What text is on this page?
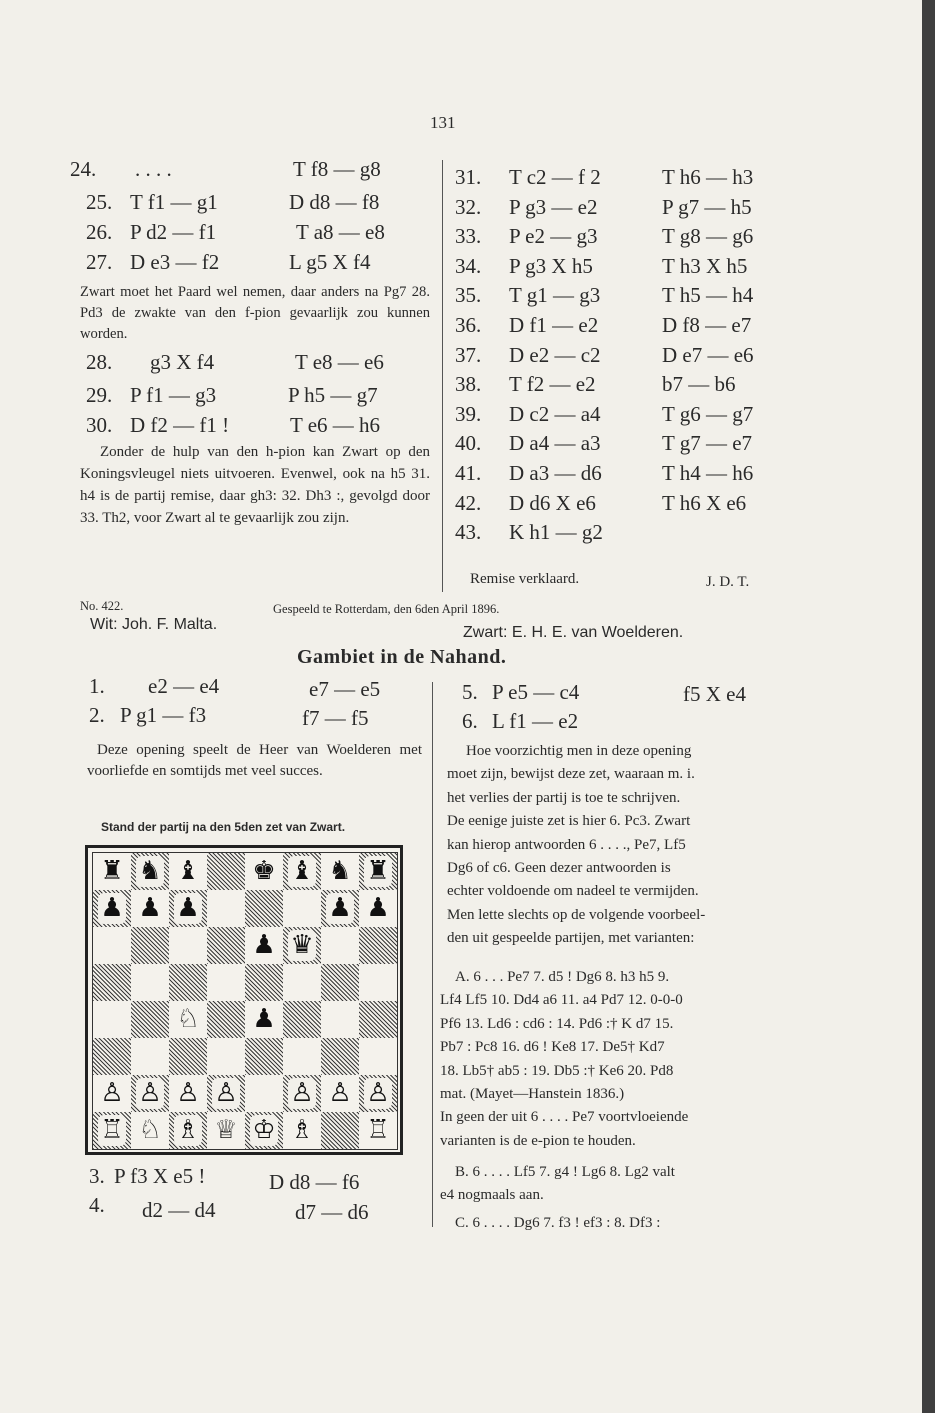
131
24.	. . . .	T f8 — g8
25. T f1 — g1	D d8 — f8
26. P d2 — f1	T a8 — e8
27. D e3 — f2	L g5 X f4
Zwart moet het Paard wel nemen, daar anders na Pg7 28. Pd3 de zwakte van den f-pion gevaarlijk zou kunnen worden.
28.	g3 X f4	T e8 — e6
29. P f1 — g3	P h5 — g7
30. D f2 — f1 !	T e6 — h6
Zonder de hulp van den h-pion kan Zwart op den Koningsvleugel niets uitvoeren. Evenwel, ook na h5 31. h4 is de partij remise, daar gh3: 32. Dh3 :, gevolgd door 33. Th2, voor Zwart al te gevaarlijk zou zijn.
31. T c2 — f 2	T h6 — h3
32. P g3 — e2	P g7 — h5
33. P e2 — g3	T g8 — g6
34. P g3 X h5	T h3 X h5
35. T g1 — g3	T h5 — h4
36. D f1 — e2	D f8 — e7
37. D e2 — c2	D e7 — e6
38. T f2 — e2	b7 — b6
39. D c2 — a4	T g6 — g7
40. D a4 — a3	T g7 — e7
41. D a3 — d6	T h4 — h6
42. D d6 X e6	T h6 X e6
43. K h1 — g2
Remise verklaard.	J. D. T.
No. 422.	Gespeeld te Rotterdam, den 6den April 1896.
Wit: Joh. F. Malta.	Zwart: E. H. E. van Woelderen.
Gambiet in de Nahand.
1. e2 — e4	e7 — e5
2. P g1 — f3	f7 — f5
Deze opening speelt de Heer van Woelderen met voorliefde en somtijds met veel succes.
Stand der partij na den 5den zet van Zwart.
♜ ♞ ♝ ♚ ♝ ♞ ♜
♟ ♟ ♟	♟ ♟
♟ ♛
♘ ♟
♙ ♙ ♙ ♙ ♙ ♙ ♙
♖ ♘ ♗ ♕ ♔ ♗ ♖
3. P f3 X e5 !	D d8 — f6
4. d2 — d4	d7 — d6
5. P e5 — c4	f5 X e4
6. L f1 — e2
Hoe voorzichtig men in deze opening
moet zijn, bewijst deze zet, waaraan m. i.
het verlies der partij is toe te schrijven.
De eenige juiste zet is hier 6. Pc3. Zwart
kan hierop antwoorden 6 . . . ., Pe7, Lf5
Dg6 of c6. Geen dezer antwoorden is
echter voldoende om nadeel te vermijden.
Men lette slechts op de volgende voorbeel-
den uit gespeelde partijen, met varianten:
A. 6 . . . Pe7 7. d5 ! Dg6 8. h3 h5 9.
Lf4 Lf5 10. Dd4 a6 11. a4 Pd7 12. 0-0-0
Pf6 13. Ld6 : cd6 : 14. Pd6 :† K d7 15.
Pb7 : Pc8 16. d6 ! Ke8 17. De5† Kd7
18. Lb5† ab5 : 19. Db5 :† Ke6 20. Pd8
mat. (Mayet—Hanstein 1836.)
In geen der uit 6 . . . . Pe7 voortvloeiende
varianten is de e-pion te houden.
B. 6 . . . . Lf5 7. g4 ! Lg6 8. Lg2 valt
e4 nogmaals aan.
C. 6 . . . . Dg6 7. f3 ! ef3 : 8. Df3 :
